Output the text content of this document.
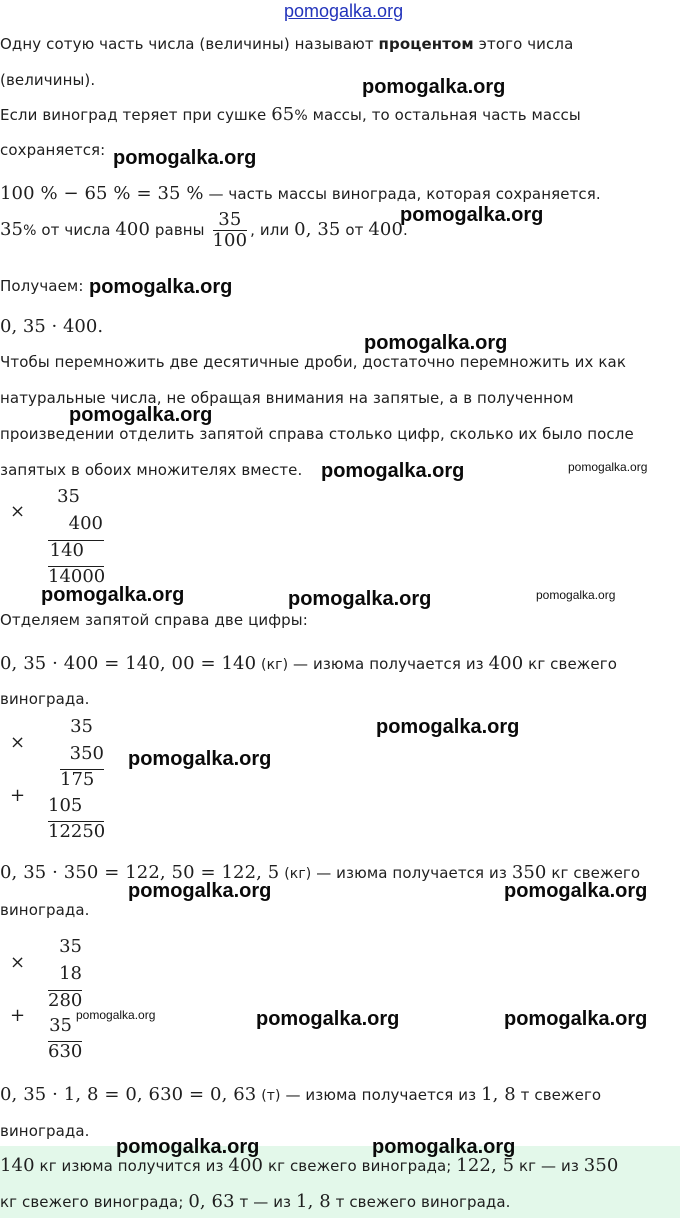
pomogalka.org
Одну сотую часть числа (величины) называют процентом этого числа
(величины).
Если виноград теряет при сушке 65% массы, то остальная часть массы
сохраняется:
100 % − 65 % = 35 % — часть массы винограда, которая сохраняется.
35% от числа 400 равны $\frac{35}{100}$ , или 0, 35 от 400.
Получаем:
0, 35 · 400.
Чтобы перемножить две десятичные дроби, достаточно перемножить их как
натуральные числа, не обращая внимания на запятые, а в полученном
произведении отделить запятой справа столько цифр, сколько их было после
запятых в обоих множителях вместе.
×
35
400
140
14000
Отделяем запятой справа две цифры:
0, 35 · 400 = 140, 00 = 140 (кг) — изюма получается из 400 кг свежего
винограда.
×
35
350
175
+ 105
12250
0, 35 · 350 = 122, 50 = 122, 5 (кг) — изюма получается из 350 кг свежего
винограда.
×
35
18
280
+ 35
630
0, 35 · 1, 8 = 0, 630 = 0, 63 (т) — изюма получается из 1, 8 т свежего
винограда.
140 кг изюма получится из 400 кг свежего винограда; 122, 5 кг — из 350
кг свежего винограда; 0, 63 т — из 1, 8 т свежего винограда.
pomogalka.org
pomogalka.org
pomogalka.org
pomogalka.org
pomogalka.org
pomogalka.org
pomogalka.org
pomogalka.org	pomogalka.org
pomogalka.org
pomogalka.org
pomogalka.org	pomogalka.org
pomogalka.org	pomogalka.org
pomogalka.org	pomogalka.org
pomogalka.org
pomogalka.org
pomogalka.org
